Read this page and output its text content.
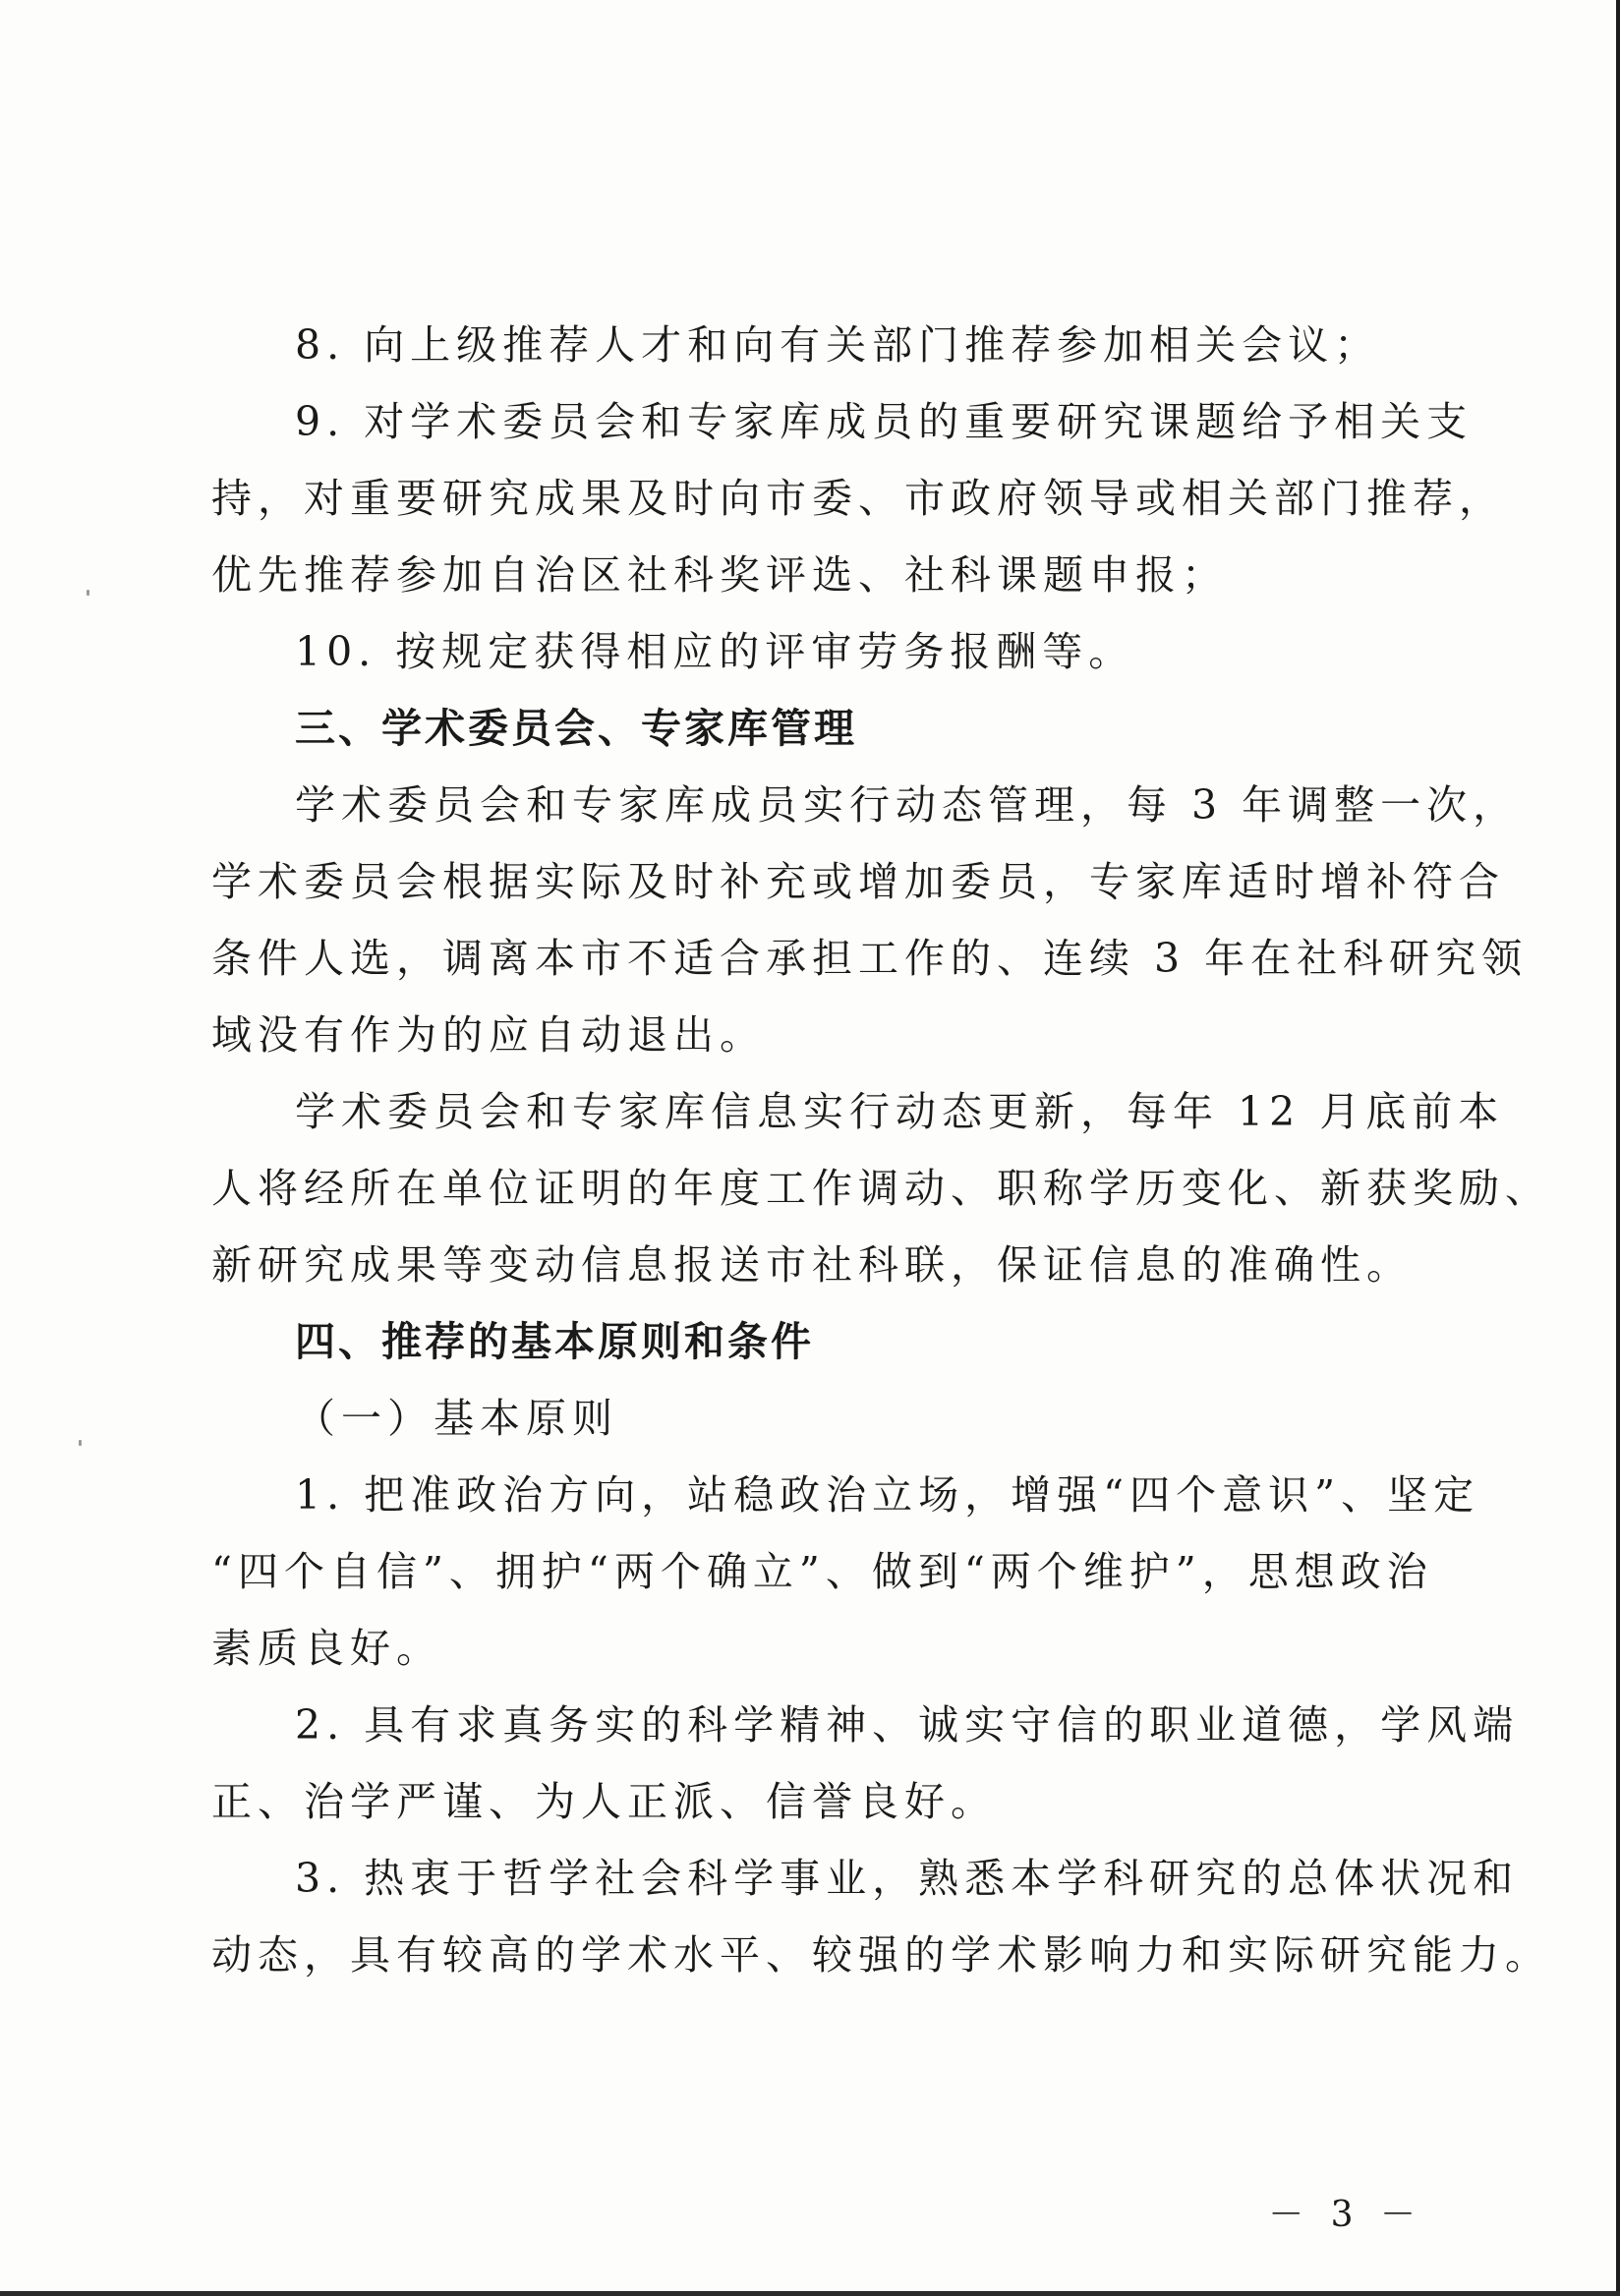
8. 向上级推荐人才和向有关部门推荐参加相关会议；
9. 对学术委员会和专家库成员的重要研究课题给予相关支
持，对重要研究成果及时向市委、市政府领导或相关部门推荐，
优先推荐参加自治区社科奖评选、社科课题申报；
10. 按规定获得相应的评审劳务报酬等。
三、学术委员会、专家库管理
学术委员会和专家库成员实行动态管理，每 3 年调整一次，
学术委员会根据实际及时补充或增加委员，专家库适时增补符合
条件人选，调离本市不适合承担工作的、连续 3 年在社科研究领
域没有作为的应自动退出。
学术委员会和专家库信息实行动态更新，每年 12 月底前本
人将经所在单位证明的年度工作调动、职称学历变化、新获奖励、
新研究成果等变动信息报送市社科联，保证信息的准确性。
四、推荐的基本原则和条件
（一）基本原则
1. 把准政治方向，站稳政治立场，增强“四个意识”、坚定
“四个自信”、拥护“两个确立”、做到“两个维护”，思想政治
素质良好。
2. 具有求真务实的科学精神、诚实守信的职业道德，学风端
正、治学严谨、为人正派、信誉良好。
3. 热衷于哲学社会科学事业，熟悉本学科研究的总体状况和
动态，具有较高的学术水平、较强的学术影响力和实际研究能力。
－ 3 －
